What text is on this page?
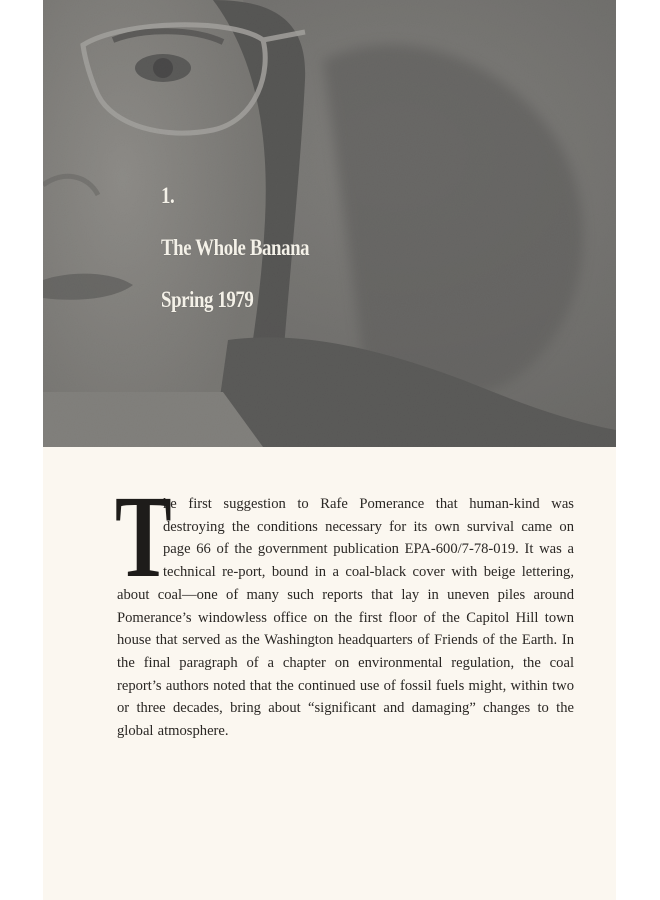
1.
The Whole Banana
Spring 1979
T
he first suggestion to Rafe Pomerance that human-kind was destroying the conditions necessary for its own survival came on page 66 of the government publication EPA-600/7-78-019. It was a technical re-port, bound in a coal-black cover with beige lettering, about coal—one of many such reports that lay in uneven piles around Pomerance’s windowless office on the first floor of the Capitol Hill town house that served as the Washington headquarters of Friends of the Earth. In the final paragraph of a chapter on environmental regulation, the coal report’s authors noted that the continued use of fossil fuels might, within two or three decades, bring about “significant and damaging” changes to the global atmosphere.
